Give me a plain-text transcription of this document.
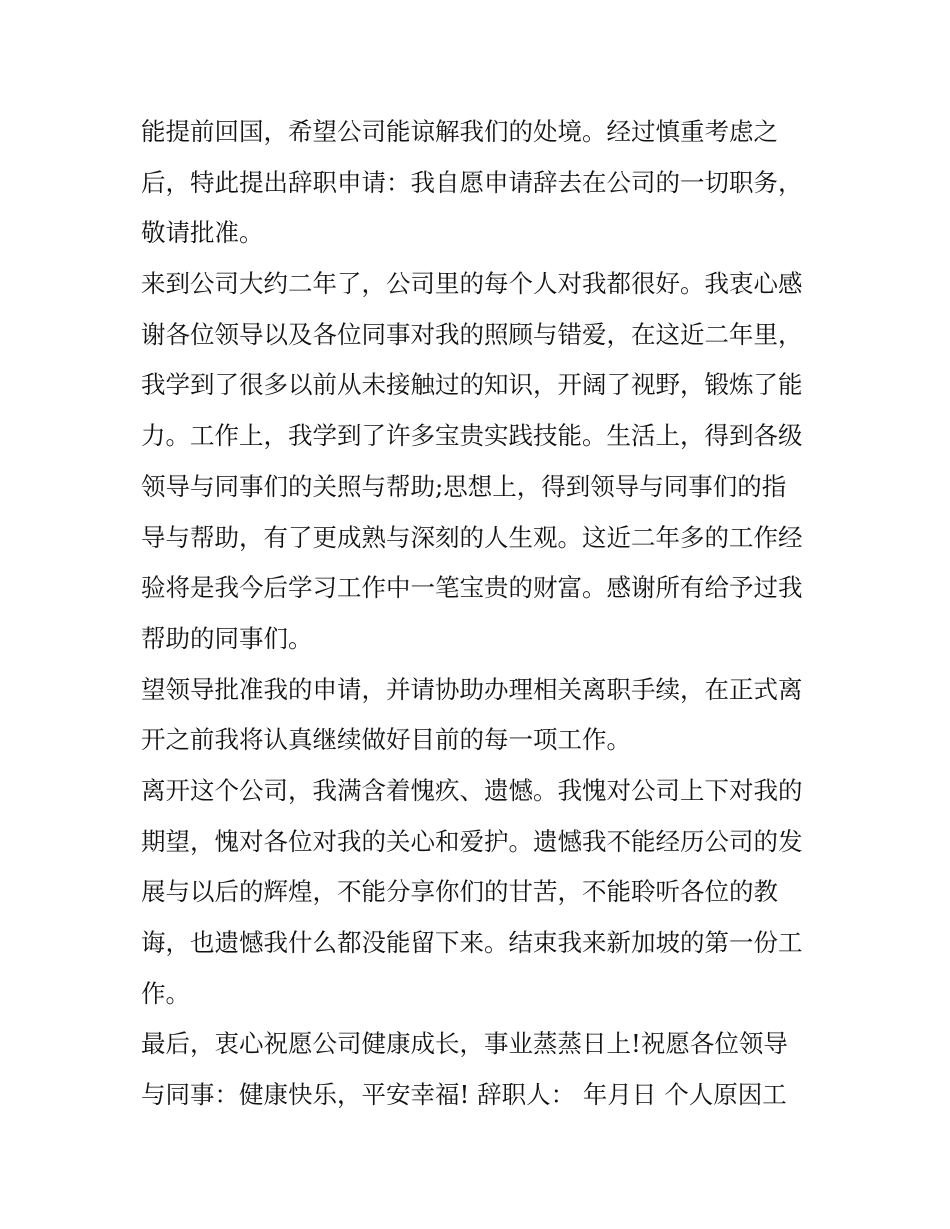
能提前回国，希望公司能谅解我们的处境。经过慎重考虑之
后，特此提出辞职申请：我自愿申请辞去在公司的一切职务，
敬请批准。
来到公司大约二年了，公司里的每个人对我都很好。我衷心感
谢各位领导以及各位同事对我的照顾与错爱，在这近二年里，
我学到了很多以前从未接触过的知识，开阔了视野，锻炼了能
力。工作上，我学到了许多宝贵实践技能。生活上，得到各级
领导与同事们的关照与帮助;思想上，得到领导与同事们的指
导与帮助，有了更成熟与深刻的人生观。这近二年多的工作经
验将是我今后学习工作中一笔宝贵的财富。感谢所有给予过我
帮助的同事们。
望领导批准我的申请，并请协助办理相关离职手续，在正式离
开之前我将认真继续做好目前的每一项工作。
离开这个公司，我满含着愧疚、遗憾。我愧对公司上下对我的
期望，愧对各位对我的关心和爱护。遗憾我不能经历公司的发
展与以后的辉煌，不能分享你们的甘苦，不能聆听各位的教
诲，也遗憾我什么都没能留下来。结束我来新加坡的第一份工
作。
最后，衷心祝愿公司健康成长，事业蒸蒸日上!祝愿各位领导
与同事：健康快乐，平安幸福! 辞职人： 年月日 个人原因工
